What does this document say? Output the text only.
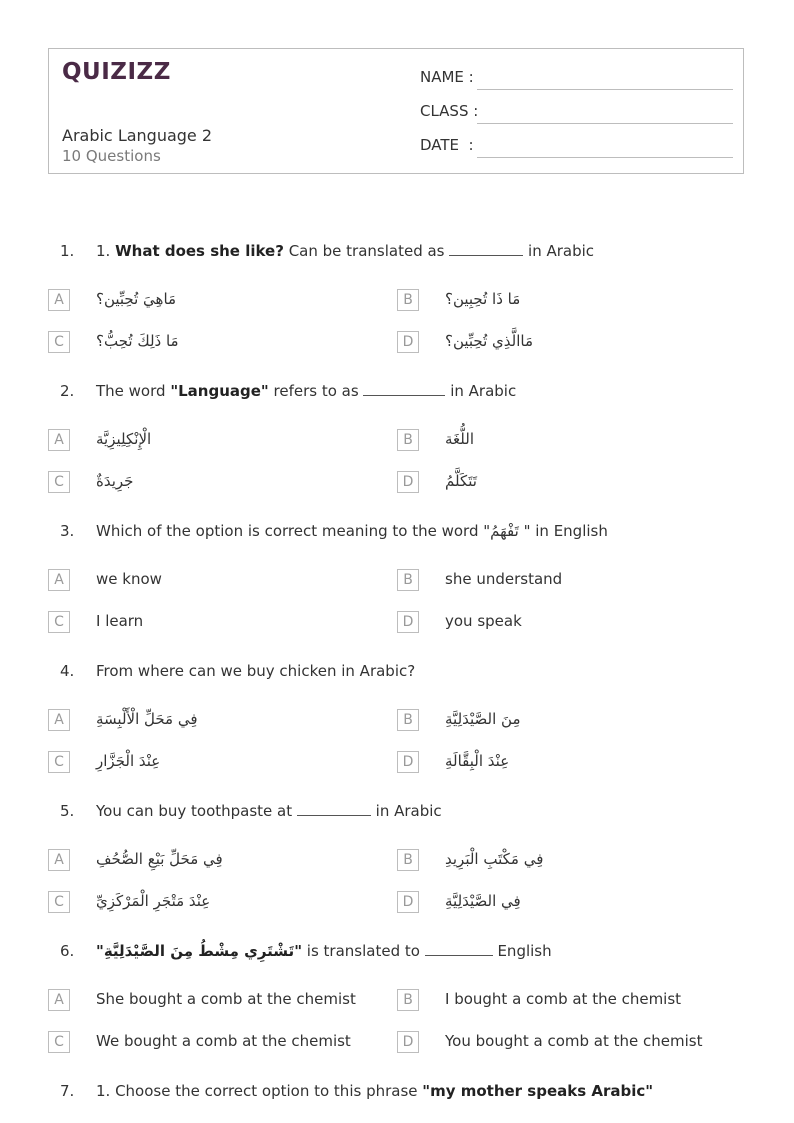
QUIZIZZ
Arabic Language 2
10 Questions
NAME :
CLASS :
DATE  :
1. 1. What does she like? Can be translated as	in Arabic
A	مَاهِيَ تُحِبِّين؟	B	مَا ذَا تُحِبِين؟
C	مَا ذَلِكَ تُحِبُّ؟	D	مَاالَّذِي تُحِبِّين؟
2. The word "Language" refers to as	in Arabic
A	الْإِنْكِلِيزِيَّة	B	اللُّغَة
C	جَرِيدَةٌ	D	تَتَكَلَّمُ
3. Which of the option is correct meaning to the word "تَفْهَمُ " in English
A	we know	B	she understand
C	I learn	D	you speak
4. From where can we buy chicken in Arabic?
A	فِي مَحَلِّ الْأَلْبِسَةِ	B	مِنَ الصَّيْدَلِيَّةِ
C	عِنْدَ الْجَزَّارِ	D	عِنْدَ الْبِقَّالَةِ
5. You can buy toothpaste at	in Arabic
A	فِي مَحَلِّ بَيْعِ الصُّحُفِ	B	فِي مَكْتَبِ الْبَرِيدِ
C	عِنْدَ مَتْجَرِ الْمَرْكَزِيِّ	D	فِي الصَّيْدَلِيَّةِ
6. "تَشْتَرِي مِشْطُ مِنَ الصَّيْدَلِيَّةِ" is translated to	English
A	She bought a comb at the chemist	B	I bought a comb at the chemist
C	We bought a comb at the chemist	D	You bought a comb at the chemist
7. 1. Choose the correct option to this phrase "my mother speaks Arabic"
